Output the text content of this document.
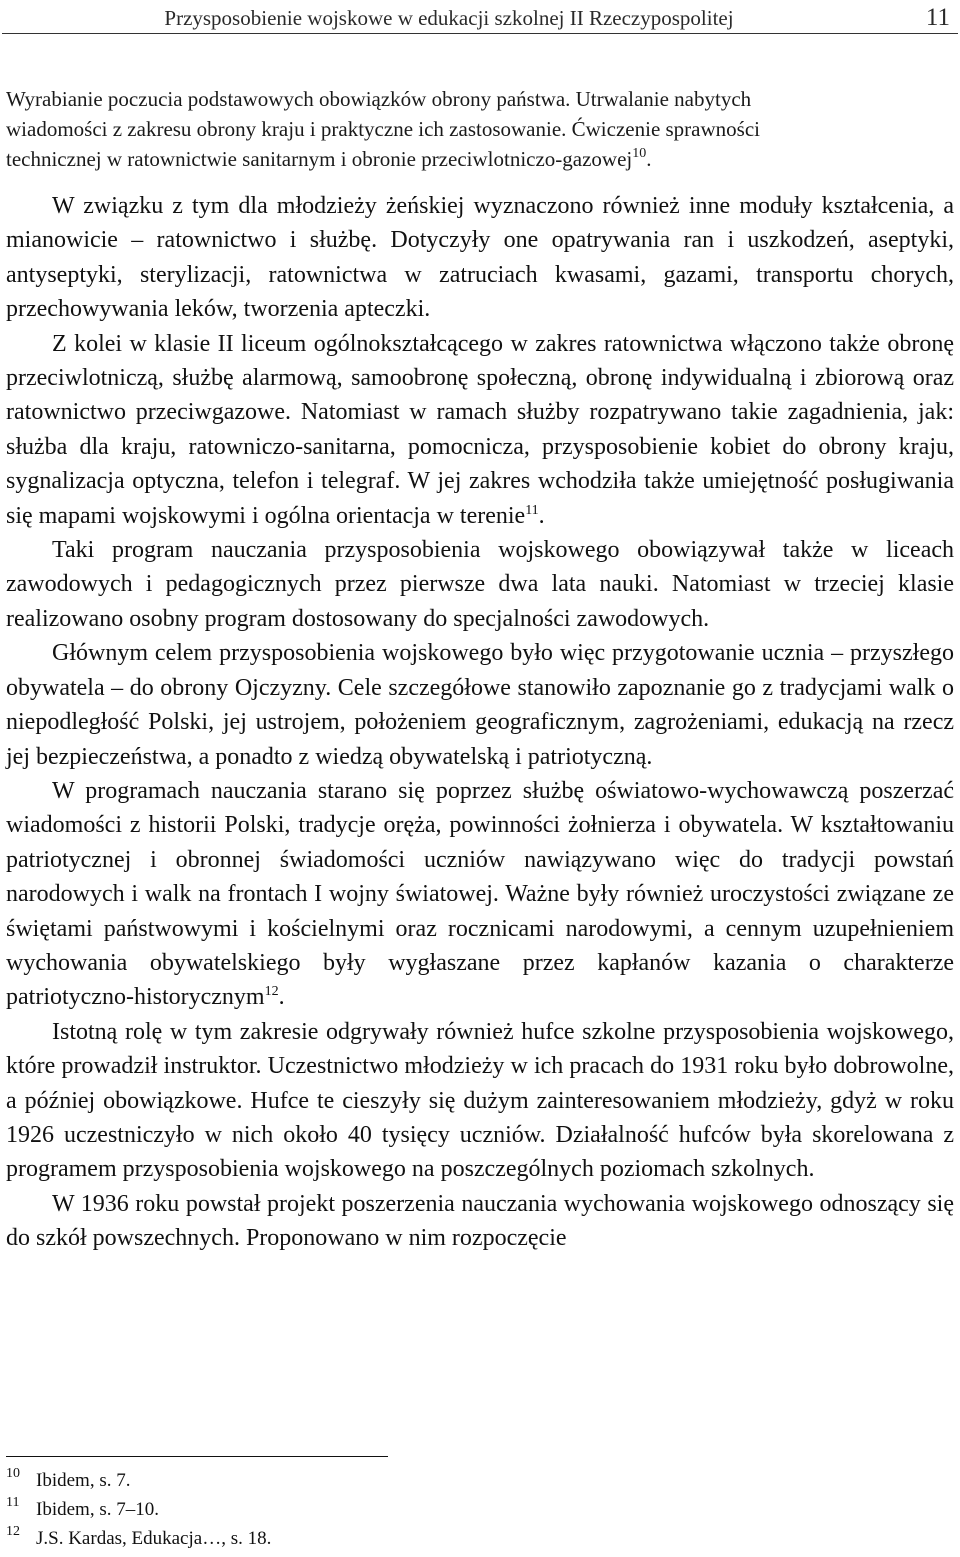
Przysposobienie wojskowe w edukacji szkolnej II Rzeczypospolitej	11
Wyrabianie poczucia podstawowych obowiązków obrony państwa. Utrwalanie nabytych
wiadomości z zakresu obrony kraju i praktyczne ich zastosowanie. Ćwiczenie sprawności
technicznej w ratownictwie sanitarnym i obronie przeciwlotniczo-gazowej$^{10}$.

W związku z tym dla młodzieży żeńskiej wyznaczono również inne moduły kształcenia, a mianowicie – ratownictwo i służbę. Dotyczyły one opatrywania ran i uszkodzeń, aseptyki, antyseptyki, sterylizacji, ratownictwa w zatruciach kwasami, gazami, transportu chorych, przechowywania leków, tworzenia apteczki.

Z kolei w klasie II liceum ogólnokształcącego w zakres ratownictwa włączono także obronę przeciwlotniczą, służbę alarmową, samoobronę społeczną, obronę indywidualną i zbiorową oraz ratownictwo przeciwgazowe. Natomiast w ramach służby rozpatrywano takie zagadnienia, jak: służba dla kraju, ratowniczo-sanitarna, pomocnicza, przysposobienie kobiet do obrony kraju, sygnalizacja optyczna, telefon i telegraf. W jej zakres wchodziła także umiejętność posługiwania się mapami wojskowymi i ogólna orientacja w terenie$^{11}$.

Taki program nauczania przysposobienia wojskowego obowiązywał także w liceach zawodowych i pedagogicznych przez pierwsze dwa lata nauki. Natomiast w trzeciej klasie realizowano osobny program dostosowany do specjalności zawodowych.

Głównym celem przysposobienia wojskowego było więc przygotowanie ucznia – przyszłego obywatela – do obrony Ojczyzny. Cele szczegółowe stanowiło zapoznanie go z tradycjami walk o niepodległość Polski, jej ustrojem, położeniem geograficznym, zagrożeniami, edukacją na rzecz jej bezpieczeństwa, a ponadto z wiedzą obywatelską i patriotyczną.

W programach nauczania starano się poprzez służbę oświatowo-wychowawczą poszerzać wiadomości z historii Polski, tradycje oręża, powinności żołnierza i obywatela. W kształtowaniu patriotycznej i obronnej świadomości uczniów nawiązywano więc do tradycji powstań narodowych i walk na frontach I wojny światowej. Ważne były również uroczystości związane ze świętami państwowymi i kościelnymi oraz rocznicami narodowymi, a cennym uzupełnieniem wychowania obywatelskiego były wygłaszane przez kapłanów kazania o charakterze patriotyczno-historycznym$^{12}$.

Istotną rolę w tym zakresie odgrywały również hufce szkolne przysposobienia wojskowego, które prowadził instruktor. Uczestnictwo młodzieży w ich pracach do 1931 roku było dobrowolne, a później obowiązkowe. Hufce te cieszyły się dużym zainteresowaniem młodzieży, gdyż w roku 1926 uczestniczyło w nich około 40 tysięcy uczniów. Działalność hufców była skorelowana z programem przysposobienia wojskowego na poszczególnych poziomach szkolnych.

W 1936 roku powstał projekt poszerzenia nauczania wychowania wojskowego odnoszący się do szkół powszechnych. Proponowano w nim rozpoczęcie

10 Ibidem, s. 7.
11 Ibidem, s. 7–10.
12 J.S. Kardas, Edukacja…, s. 18.
